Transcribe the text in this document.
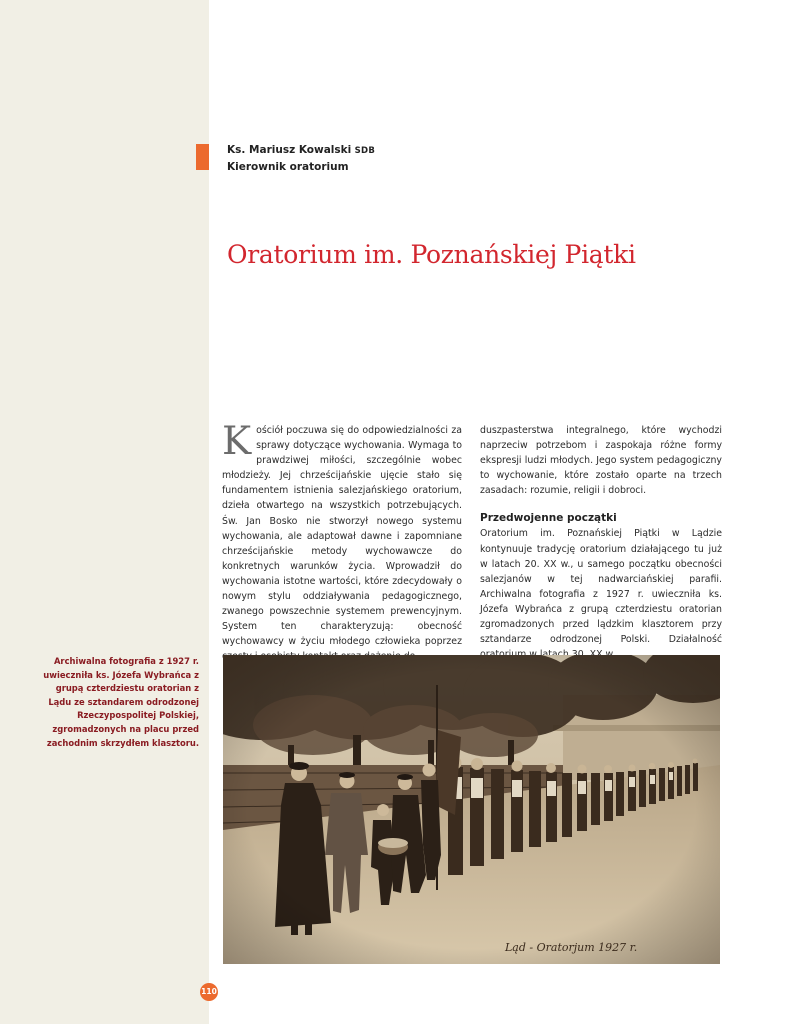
Ks. Mariusz Kowalski SDB
Kierownik oratorium
Oratorium im. Poznańskiej Piątki
K ościół poczuwa się do odpowiedzialności za sprawy dotyczące wychowania. Wymaga to prawdziwej miłości, szczególnie wobec młodzieży. Jej chrześcijańskie ujęcie stało się fundamentem istnienia salezjańskiego oratorium, dzieła otwartego na wszystkich potrzebujących. Św. Jan Bosko nie stworzył nowego systemu wychowania, ale adaptował dawne i zapomniane chrześcijańskie metody wychowawcze do konkretnych warunków życia. Wprowadził do wychowania istotne wartości, które zdecydowały o nowym stylu oddziaływania pedagogicznego, zwanego powszechnie systemem prewencyjnym. System ten charakteryzują: obecność wychowawcy w życiu młodego człowieka poprzez

duszpasterstwa integralnego, które wychodzi naprzeciw potrzebom i zaspokaja różne formy ekspresji ludzi młodych. Jego system pedagogiczny to wychowanie, które zostało oparte na trzech zasadach: rozumie, religii i dobroci.

Przedwojenne początki

Oratorium im. Poznańskiej Piątki w Lądzie kontynuuje tradycję oratorium działającego tu już w latach 20. XX w., u samego początku obecności salezjanów w tej nadwarciańskiej parafii. Archiwalna fotografia z 1927 r. uwieczniła ks. Józefa Wybrańca z grupą czterdziestu oratorian zgromadzonych przed lądzkim klasztorem przy sztandarze odrodzonej Polski. Działalność

Archiwalna fotografia z 1927 r. uwieczniła ks. Józefa Wybrańca z grupą czterdziestu oratorian z Lądu ze sztandarem odrodzonej Rzeczypospolitej Polskiej, zgromadzonych na placu przed zachodnim skrzydłem klasztoru.
Ląd - Oratorjum 1927 r.
110
